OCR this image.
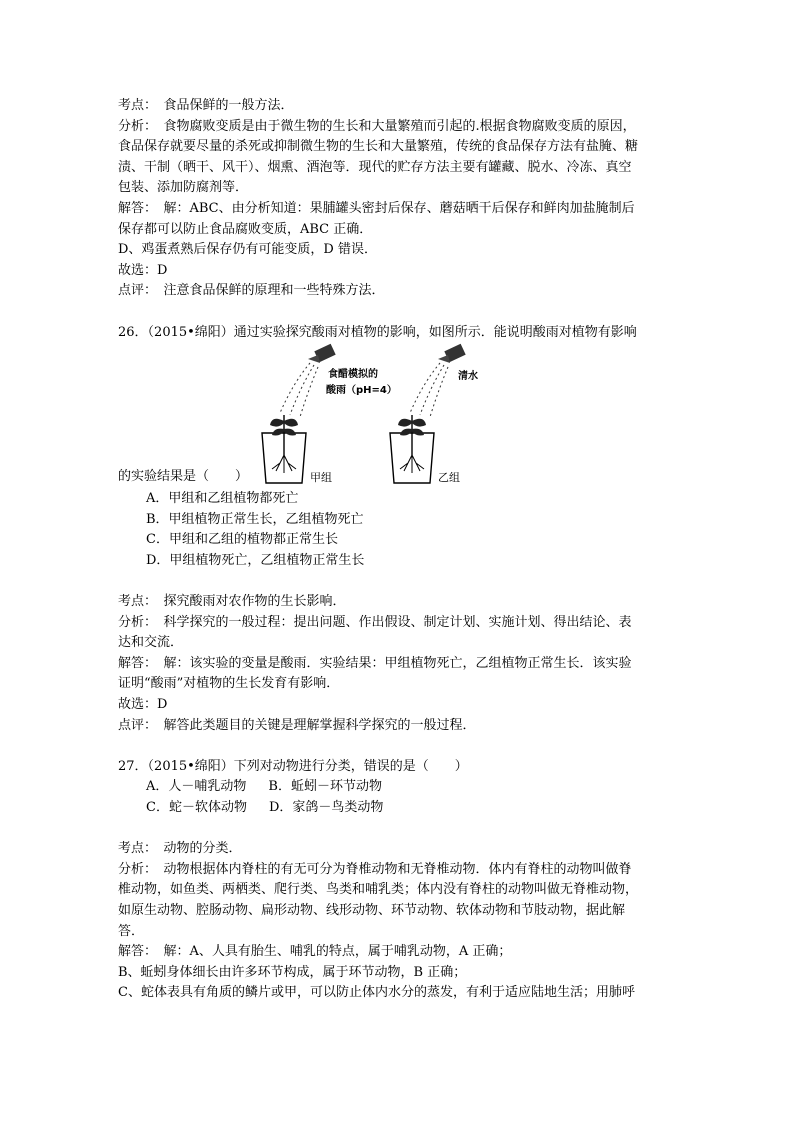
考点：　食品保鲜的一般方法．
分析：　食物腐败变质是由于微生物的生长和大量繁殖而引起的.根据食物腐败变质的原因，
食品保存就要尽量的杀死或抑制微生物的生长和大量繁殖，传统的食品保存方法有盐腌、糖
渍、干制（晒干、风干）、烟熏、酒泡等．现代的贮存方法主要有罐藏、脱水、冷冻、真空
包装、添加防腐剂等．
解答：　解：ABC、由分析知道：果脯罐头密封后保存、蘑菇晒干后保存和鲜肉加盐腌制后
保存都可以防止食品腐败变质，ABC 正确．
D、鸡蛋煮熟后保存仍有可能变质，D 错误．
故选：D
点评：　注意食品保鲜的原理和一些特殊方法．
26．（2015•绵阳）通过实验探究酸雨对植物的影响，如图所示．能说明酸雨对植物有影响
的实验结果是（　　）	甲组
食醋模拟的
酸雨（pH=4）
清水
乙组
A．甲组和乙组植物都死亡
B．甲组植物正常生长，乙组植物死亡
C．甲组和乙组的植物都正常生长
D．甲组植物死亡，乙组植物正常生长
考点：　探究酸雨对农作物的生长影响．
分析：　科学探究的一般过程：提出问题、作出假设、制定计划、实施计划、得出结论、表
达和交流．
解答：　解：该实验的变量是酸雨．实验结果：甲组植物死亡，乙组植物正常生长．该实验
证明“酸雨”对植物的生长发育有影响．
故选：D
点评：　解答此类题目的关键是理解掌握科学探究的一般过程．
27．（2015•绵阳）下列对动物进行分类，错误的是（　　）
A．人－哺乳动物 B．蚯蚓－环节动物
C．蛇－软体动物 D．家鸽－鸟类动物
考点：　动物的分类．
分析：　动物根据体内脊柱的有无可分为脊椎动物和无脊椎动物．体内有脊柱的动物叫做脊
椎动物，如鱼类、两栖类、爬行类、鸟类和哺乳类；体内没有脊柱的动物叫做无脊椎动物，
如原生动物、腔肠动物、扁形动物、线形动物、环节动物、软体动物和节肢动物，据此解
答．
解答：　解：A、人具有胎生、哺乳的特点，属于哺乳动物，A 正确；
B、蚯蚓身体细长由许多环节构成，属于环节动物，B 正确；
C、蛇体表具有角质的鳞片或甲，可以防止体内水分的蒸发，有利于适应陆地生活；用肺呼
